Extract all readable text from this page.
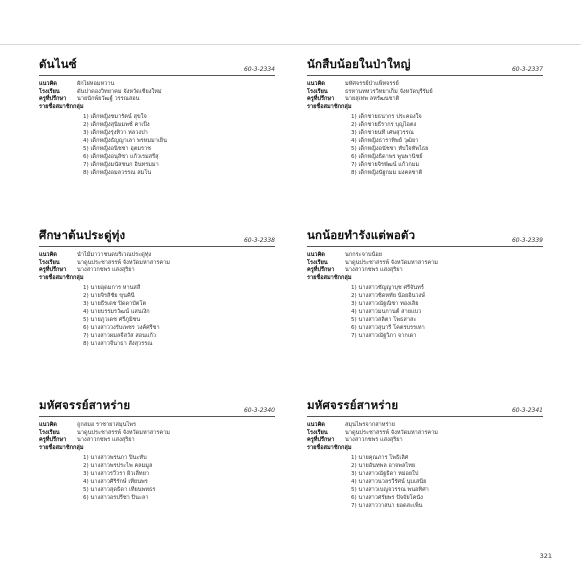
ดันไนซ์	60-3-2334
แนวคิด	ผักไผ่หอมหวาน
โรงเรียน	ดันปาดองวิทยาคม จังหวัดเชียงใหม่
ครูที่ปรึกษา	นายนักพ์ยวัฒฐ์ วรรณสอน
รายชื่อสมาชิกกลุ่ม
1) เด็กหญิงชมารัตน์ สุขใจ
2) เด็กหญิงสุนิมมพช์ คาเป็ง
3) เด็กหญิงรุ่งทิวา หลวงปา
4) เด็กหญิงธัญญาเลา พรหมมาเย็น
5) เด็กหญิงอนิชชา อุตมราช
6) เด็กหญิงอนุสิชา แก้วเรมสรีสุ
7) เด็กหญิงมนัสชนก อินทรมมา
8) เด็กหญิงอมลวรรณ สมโน
นักสืบน้อยในป่าใหญ่	60-3-2337
แนวคิด	มหัศจรรย์ป่าแพ็ทจรรย์
โรงเรียน	ธรหานทหวรวิทยาเก็ม จังหวัดบุรีรัมย์
ครูที่ปรึกษา	นายสุเทพ ลหรัฒนชาติ
รายชื่อสมาชิกกลุ่ม
1) เด็กชายธนากร ประคองใจ
2) เด็กชายธีรากร บุญไอตง
3) เด็กชายนที เศษสุวรรณ
4) เด็กหญิงธาราทิพย์ วุฒิยา
5) เด็กหญิงอนัชชา ทับใจทัพไธย
6) เด็กหญิงธิดาพร พูนพานิชย์
7) เด็กชายจิรพัฒน์ แก้วกมม
8) เด็กหญิงนัฐกมม มงคลชาติ
ศึกษาต้นประดู่ทุ่ง	60-3-2338
แนวคิด	นำไม้มาวาชนดบริเวณประดู่ทุ่ง
โรงเรียน	นาดูนประชาสรรพ์ จังหวัดมหาสารคาม
ครูที่ปรึกษา	นางสาวกชพร แสงสุริยา
รายชื่อสมาชิกกลุ่ม
1) นายอุดมการ หานสสี
2) นายจิรสิชัย ขุนคินี
3) นายธีรเดช ปิดดาบัตโต
4) นายบรรมรวัฒน์ แสนเงิก
5) นายภูวเดช ศรีภูมิชน
6) นางสาววงรับเพชร วงค์ศรีชา
7) นางสาวผมลจีสวัส สอนแก้ว
8) นางสาวจีนาธา สังสุวรรณ
นกน้อยทำรังแต่พอตัว	60-3-2339
แนวคิด	นกกระจาบน้อย
โรงเรียน	นาดูนประชาสรรพ์ จังหวัดมหาสารคาม
ครูที่ปรึกษา	นางสาวกชพร แสงสุริยา
รายชื่อสมาชิกกลุ่ม
1) นางสาวชัญญาบุช ศรีจันทร์
2) นางสาวชิดหทัย น้อยอินวงษ์
3) นางสาวณัฐณิชา ทองเลิย
4) นางสาวมนกานต์ สายแบว
5) นางสาวสลิตา โพธสาสะ
6) นางสาวสุนารี โคตรบรรเทา
7) นางสาวณัฐวิภา จากเดา
มหัศจรรย์สาหร่าย	60-3-2340
แนวคิด	ถูกสมอ ราชายาสมุนไพร
โรงเรียน	นาดูนประชาสรรพ์ จังหวัดมหาสารคาม
ครูที่ปรึกษา	นางสาวกชพร แสงสุริยา
รายชื่อสมาชิกกลุ่ม
1) นางสาวพรนภา ปินะทับ
2) นางสาวพรประไพ คลมมูล
3) นางสาวรวีวรา ผิวเลีทยา
4) นางสาวศิริรักษ์ เทียนพร
5) นางสาวสุดธิดา เทียนพทธร
6) นางสาวอรปรีชา ปินะลา
มหัศจรรย์สาหร่าย	60-3-2341
แนวคิด	สมุนไพรจากสาหร่าย
โรงเรียน	นาดูนประชาสรรพ์ จังหวัดมหาสารคาม
ครูที่ปรึกษา	นางสาวกชพร แสงสุริยา
รายชื่อสมาชิกกลุ่ม
1) นายคุณภาร โพธิเลิศ
2) นายอันทพล อาจพลไทย
3) นางสาวณัฐธิดา หม่อยใป
4) นางสาวนวลรวีรัศน์ นุบเสนีย
5) นางสาวเบญจวรรณ พนอทิศา
6) นางสาวศรัยพร ปัจจัยโคนัง
7) นางสาววาสนา ยอดสะเพ็น
321
